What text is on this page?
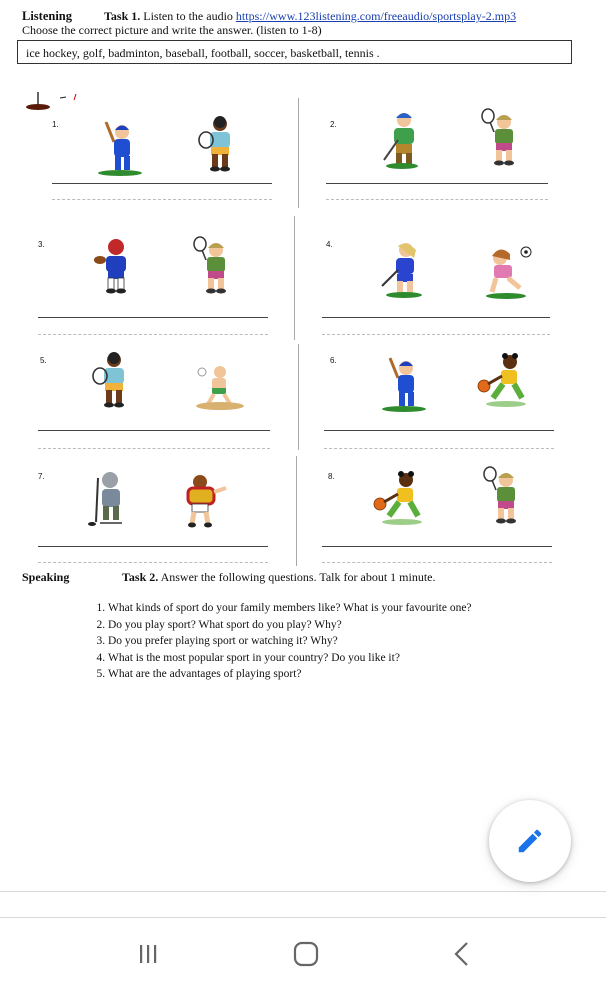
Listening	Task 1. Listen to the audio https://www.123listening.com/freeaudio/sportsplay-2.mp3
Choose the correct picture and write the answer. (listen to 1-8)
ice hockey, golf, badminton, baseball, football, soccer, basketball, tennis .
1.	2.
3.	4.
5.	6.
7.	8.
Speaking	Task 2. Answer the following questions. Talk for about 1 minute.
1. What kinds of sport do your family members like? What is your favourite one?
2. Do you play sport? What sport do you play? Why?
3. Do you prefer playing sport or watching it? Why?
4. What is the most popular sport in your country? Do you like it?
5. What are the advantages of playing sport?
